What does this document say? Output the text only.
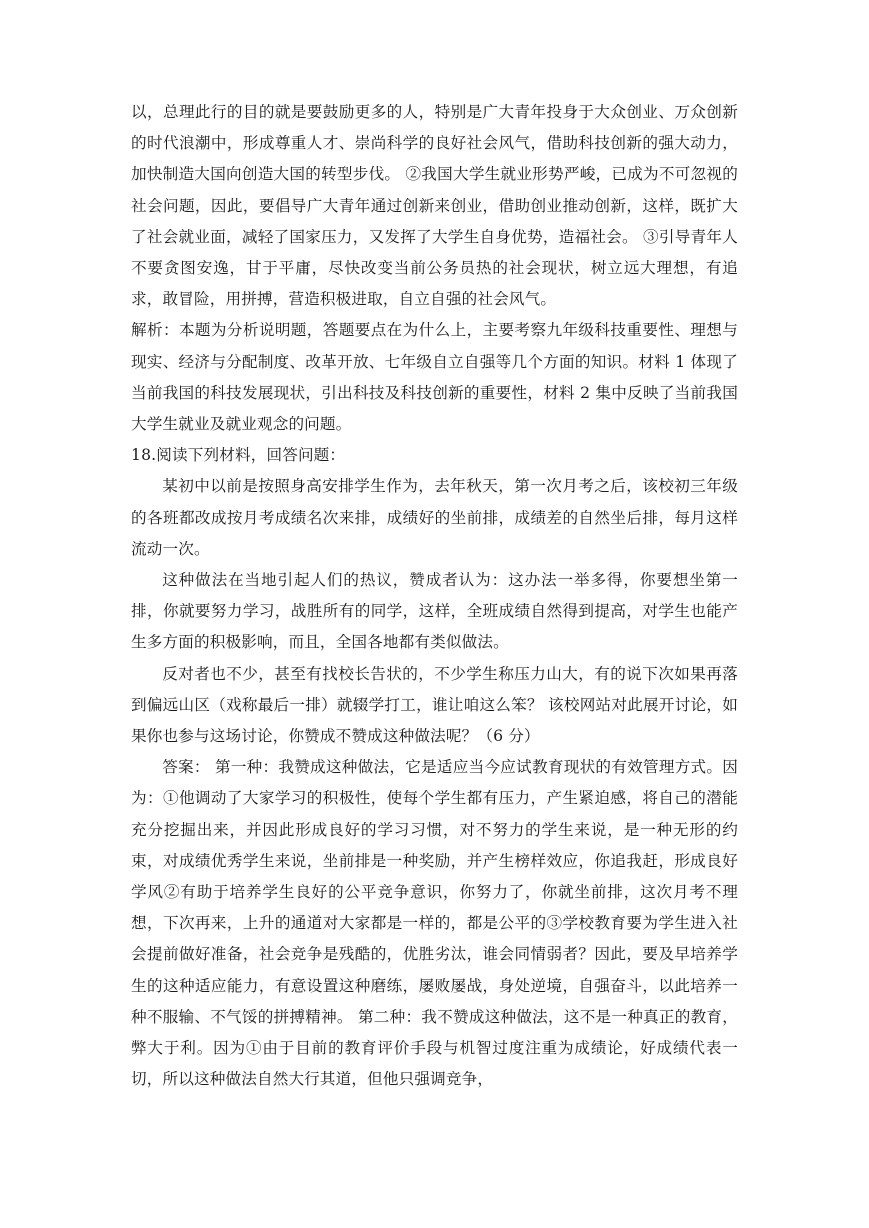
以，总理此行的目的就是要鼓励更多的人，特别是广大青年投身于大众创业、万众创新的时代浪潮中，形成尊重人才、崇尚科学的良好社会风气，借助科技创新的强大动力，加快制造大国向创造大国的转型步伐。 ②我国大学生就业形势严峻，已成为不可忽视的社会问题，因此，要倡导广大青年通过创新来创业，借助创业推动创新，这样，既扩大了社会就业面，减轻了国家压力，又发挥了大学生自身优势，造福社会。 ③引导青年人不要贪图安逸，甘于平庸，尽快改变当前公务员热的社会现状，树立远大理想，有追求，敢冒险，用拼搏，营造积极进取，自立自强的社会风气。

解析：本题为分析说明题，答题要点在为什么上，主要考察九年级科技重要性、理想与现实、经济与分配制度、改革开放、七年级自立自强等几个方面的知识。材料 1 体现了当前我国的科技发展现状，引出科技及科技创新的重要性，材料 2 集中反映了当前我国大学生就业及就业观念的问题。

18.阅读下列材料，回答问题：

某初中以前是按照身高安排学生作为，去年秋天，第一次月考之后，该校初三年级的各班都改成按月考成绩名次来排，成绩好的坐前排，成绩差的自然坐后排，每月这样流动一次。

这种做法在当地引起人们的热议，赞成者认为：这办法一举多得，你要想坐第一排，你就要努力学习，战胜所有的同学，这样，全班成绩自然得到提高，对学生也能产生多方面的积极影响，而且，全国各地都有类似做法。

反对者也不少，甚至有找校长告状的，不少学生称压力山大，有的说下次如果再落到偏远山区（戏称最后一排）就辍学打工，谁让咱这么笨？ 该校网站对此展开讨论，如果你也参与这场讨论，你赞成不赞成这种做法呢？（6 分）

答案： 第一种：我赞成这种做法，它是适应当今应试教育现状的有效管理方式。因为：①他调动了大家学习的积极性，使每个学生都有压力，产生紧迫感，将自己的潜能充分挖掘出来，并因此形成良好的学习习惯，对不努力的学生来说，是一种无形的约束，对成绩优秀学生来说，坐前排是一种奖励，并产生榜样效应，你追我赶，形成良好学风②有助于培养学生良好的公平竞争意识，你努力了，你就坐前排，这次月考不理想，下次再来，上升的通道对大家都是一样的，都是公平的③学校教育要为学生进入社会提前做好准备，社会竞争是残酷的，优胜劣汰，谁会同情弱者？因此，要及早培养学生的这种适应能力，有意设置这种磨练，屡败屡战，身处逆境，自强奋斗，以此培养一种不服输、不气馁的拼搏精神。 第二种：我不赞成这种做法，这不是一种真正的教育，弊大于利。因为①由于目前的教育评价手段与机智过度注重为成绩论，好成绩代表一切，所以这种做法自然大行其道，但他只强调竞争，
